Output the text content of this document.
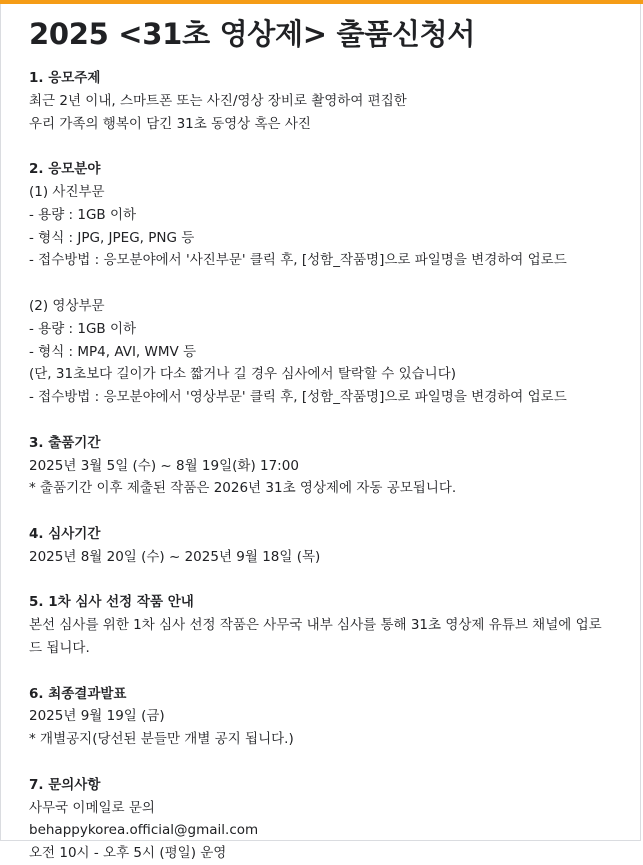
2025 <31초 영상제> 출품신청서
1. 응모주제
최근 2년 이내, 스마트폰 또는 사진/영상 장비로 촬영하여 편집한
우리 가족의 행복이 담긴 31초 동영상 혹은 사진
2. 응모분야
(1) 사진부문
- 용량 : 1GB 이하
- 형식 : JPG, JPEG, PNG 등
- 접수방법 : 응모분야에서 '사진부문' 클릭 후, [성함_작품명]으로 파일명을 변경하여 업로드
(2) 영상부문
- 용량 : 1GB 이하
- 형식 : MP4, AVI, WMV 등
(단, 31초보다 길이가 다소 짧거나 길 경우 심사에서 탈락할 수 있습니다)
- 접수방법 : 응모분야에서 '영상부문' 클릭 후, [성함_작품명]으로 파일명을 변경하여 업로드
3. 출품기간
2025년 3월 5일 (수) ~ 8월 19일(화) 17:00
* 출품기간 이후 제출된 작품은 2026년 31초 영상제에 자동 공모됩니다.
4. 심사기간
2025년 8월 20일 (수) ~ 2025년 9월 18일 (목)
5. 1차 심사 선정 작품 안내
본선 심사를 위한 1차 심사 선정 작품은 사무국 내부 심사를 통해 31초 영상제 유튜브 채널에 업로
드 됩니다.
6. 최종결과발표
2025년 9월 19일 (금)
* 개별공지(당선된 분들만 개별 공지 됩니다.)
7. 문의사항
사무국 이메일로 문의
behappykorea.official@gmail.com
오전 10시 - 오후 5시 (평일) 운영
